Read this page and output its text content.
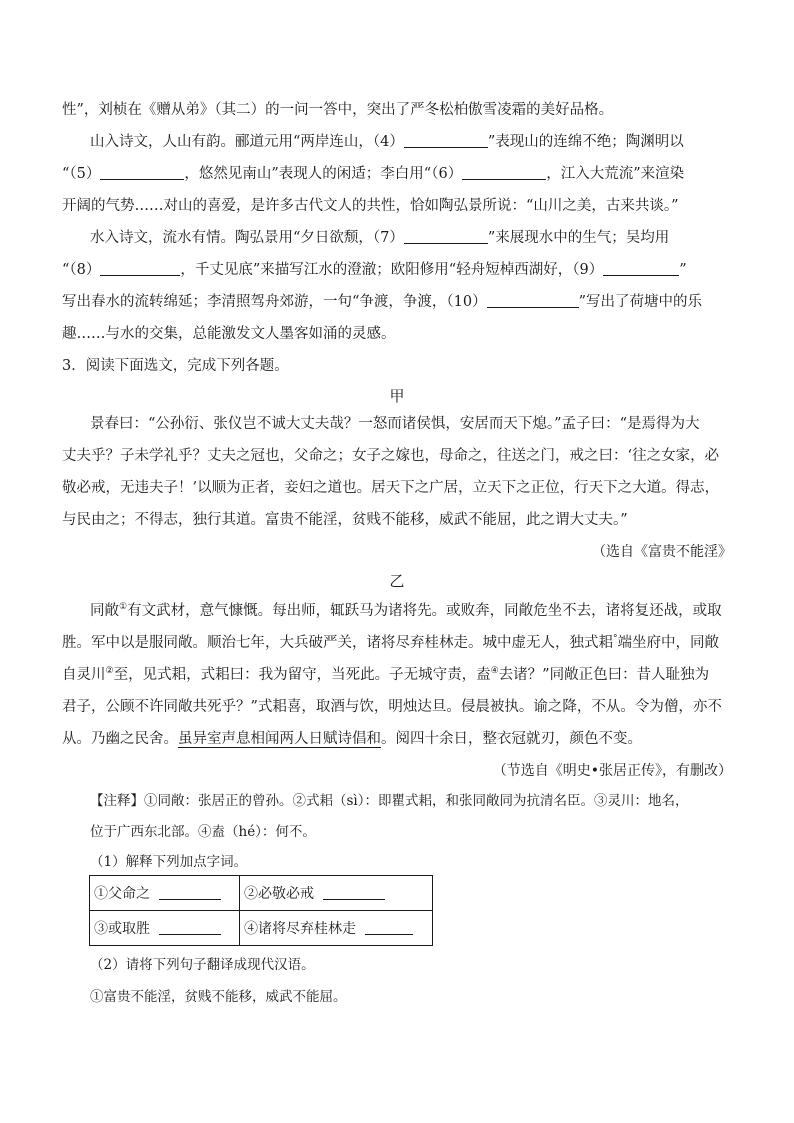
性”，刘桢在《赠从弟》（其二）的一问一答中，突出了严冬松柏傲雪凌霜的美好品格。
山入诗文，人山有韵。郦道元用“两岸连山，（4）	”表现山的连绵不绝；陶渊明以
“（5）	，悠然见南山”表现人的闲适；李白用“（6）	，江入大荒流”来渲染
开阔的气势……对山的喜爱，是许多古代文人的共性，恰如陶弘景所说：“山川之美，古来共谈。”
水入诗文，流水有情。陶弘景用“夕日欲颓，（7）	”来展现水中的生气；吴均用
“（8）	，千丈见底”来描写江水的澄澈；欧阳修用“轻舟短棹西湖好，（9）	”
写出春水的流转绵延；李清照驾舟郊游，一句“争渡，争渡，（10）	”写出了荷塘中的乐
趣……与水的交集，总能激发文人墨客如涌的灵感。
3．阅读下面选文，完成下列各题。
甲
景春曰：“公孙衍、张仪岂不诚大丈夫哉？一怒而诸侯惧，安居而天下熄。”孟子曰：“是焉得为大
丈夫乎？子未学礼乎？丈夫之冠也，父命之；女子之嫁也，母命之，往送之门，戒之曰：‘往之女家，必
敬必戒，无违夫子！’以顺为正者，妾妇之道也。居天下之广居，立天下之正位，行天下之大道。得志，
与民由之；不得志，独行其道。富贵不能淫，贫贱不能移，威武不能屈，此之谓大丈夫。”
（选自《富贵不能淫》
乙
同敞①有文武材，意气慷慨。每出师，辄跃马为诸将先。或败奔，同敞危坐不去，诸将复还战，或取
胜。军中以是服同敞。顺治七年，大兵破严关，诸将尽弃桂林走。城中虚无人，独式耜°端坐府中，同敞
自灵川②至，见式耜，式耜曰：我为留守，当死此。子无城守责，盍④去诸？”同敞正色曰：昔人耻独为
君子，公顾不许同敞共死乎？”式耜喜，取酒与饮，明烛达旦。侵晨被执。谕之降，不从。令为僧，亦不
从。乃幽之民舍。虽异室声息相闻两人日赋诗倡和。阅四十余日，整衣冠就刃，颜色不变。
（节选自《明史•张居正传》，有删改）
【注释】①同敞：张居正的曾孙。②式耜（sì）：即瞿式耜，和张同敞同为抗清名臣。③灵川：地名，
位于广西东北部。④盍（hé）：何不。
（1）解释下列加点字词。
①父命之	②必敬必戒
③或取胜	④诸将尽弃桂林走
（2）请将下列句子翻译成现代汉语。
①富贵不能淫，贫贱不能移，威武不能屈。
